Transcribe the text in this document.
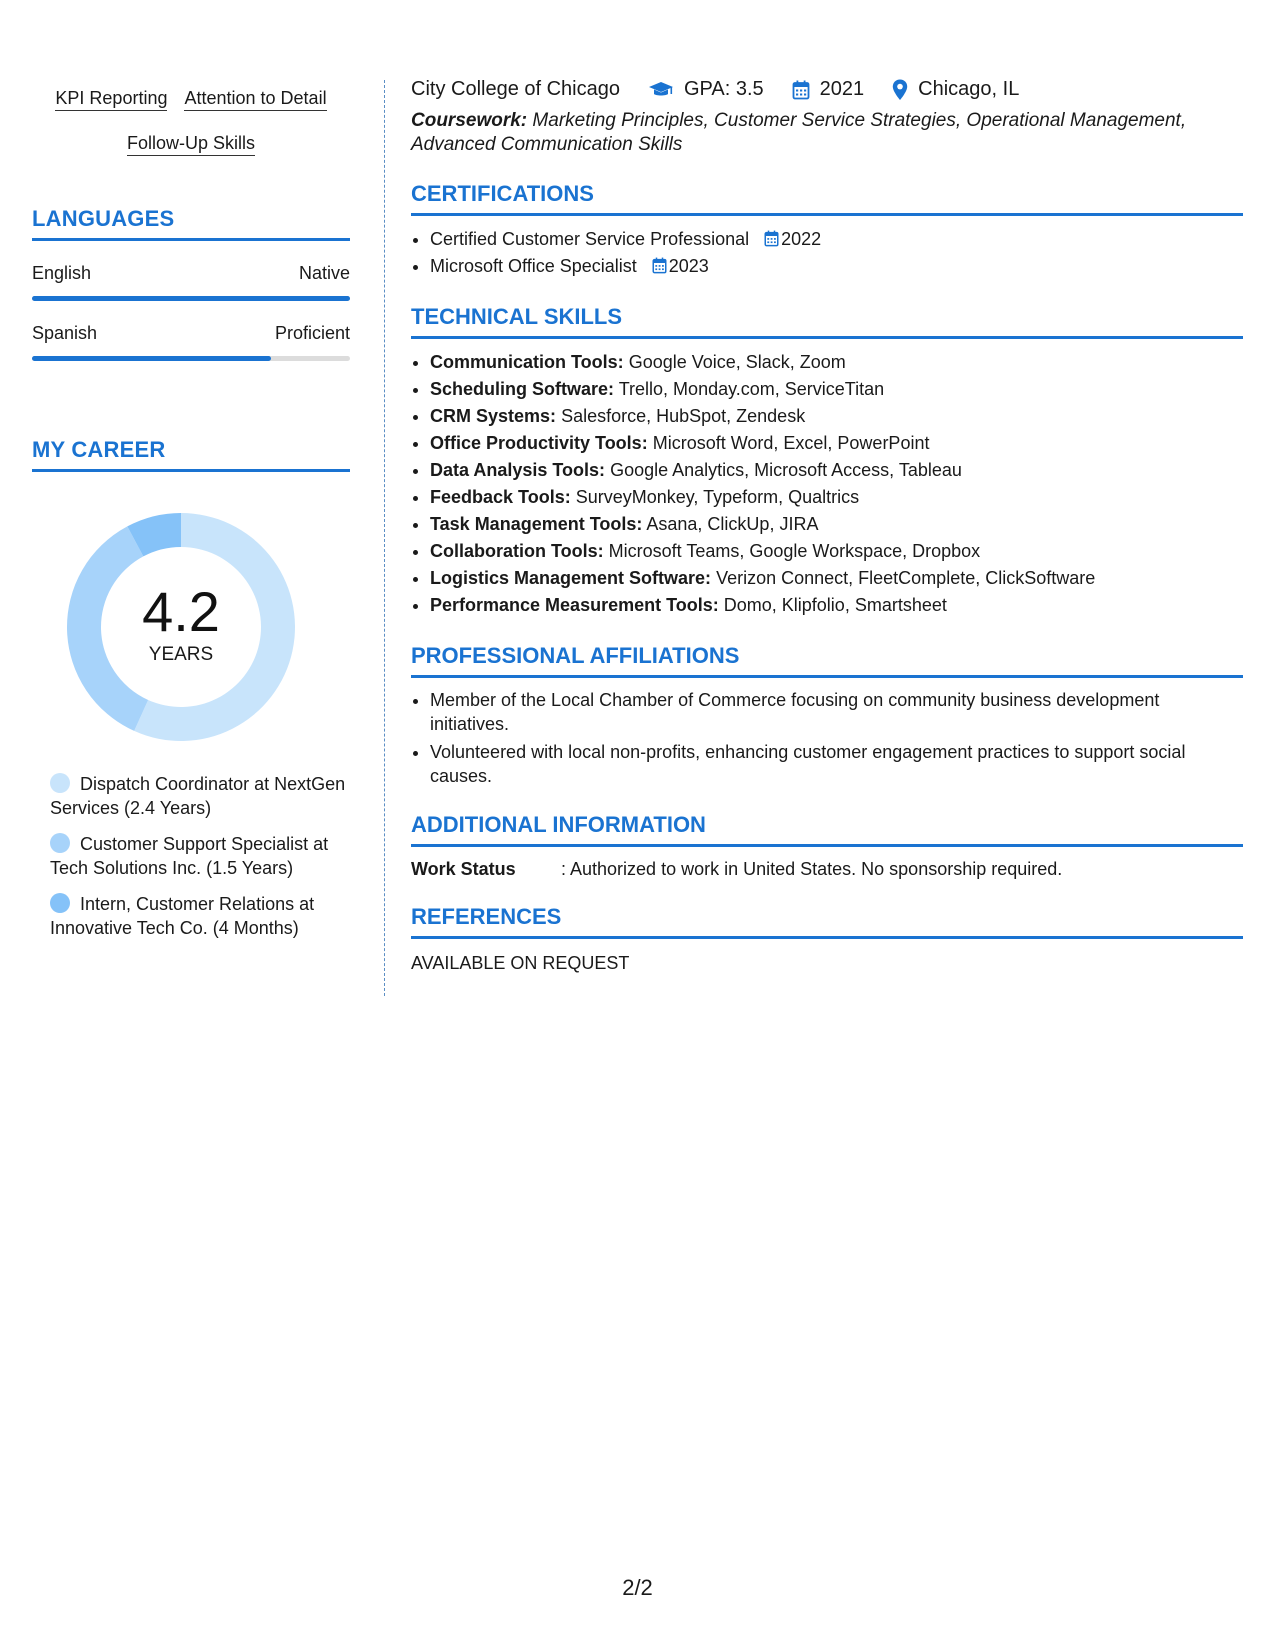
KPI Reporting Attention to Detail
Follow-Up Skills
LANGUAGES
English	Native
Spanish	Proficient
MY CAREER
4.2
YEARS
Dispatch Coordinator at NextGen Services (2.4 Years)
Customer Support Specialist at Tech Solutions Inc. (1.5 Years)
Intern, Customer Relations at Innovative Tech Co. (4 Months)
City College of Chicago	GPA: 3.5	2021	Chicago, IL
Coursework: Marketing Principles, Customer Service Strategies, Operational Management, Advanced Communication Skills
CERTIFICATIONS
• Certified Customer Service Professional 2022
• Microsoft Office Specialist 2023
TECHNICAL SKILLS
• Communication Tools: Google Voice, Slack, Zoom
• Scheduling Software: Trello, Monday.com, ServiceTitan
• CRM Systems: Salesforce, HubSpot, Zendesk
• Office Productivity Tools: Microsoft Word, Excel, PowerPoint
• Data Analysis Tools: Google Analytics, Microsoft Access, Tableau
• Feedback Tools: SurveyMonkey, Typeform, Qualtrics
• Task Management Tools: Asana, ClickUp, JIRA
• Collaboration Tools: Microsoft Teams, Google Workspace, Dropbox
• Logistics Management Software: Verizon Connect, FleetComplete, ClickSoftware
• Performance Measurement Tools: Domo, Klipfolio, Smartsheet
PROFESSIONAL AFFILIATIONS
• Member of the Local Chamber of Commerce focusing on community business development initiatives.
• Volunteered with local non-profits, enhancing customer engagement practices to support social causes.
ADDITIONAL INFORMATION
Work Status	: Authorized to work in United States. No sponsorship required.
REFERENCES
AVAILABLE ON REQUEST
2/2
